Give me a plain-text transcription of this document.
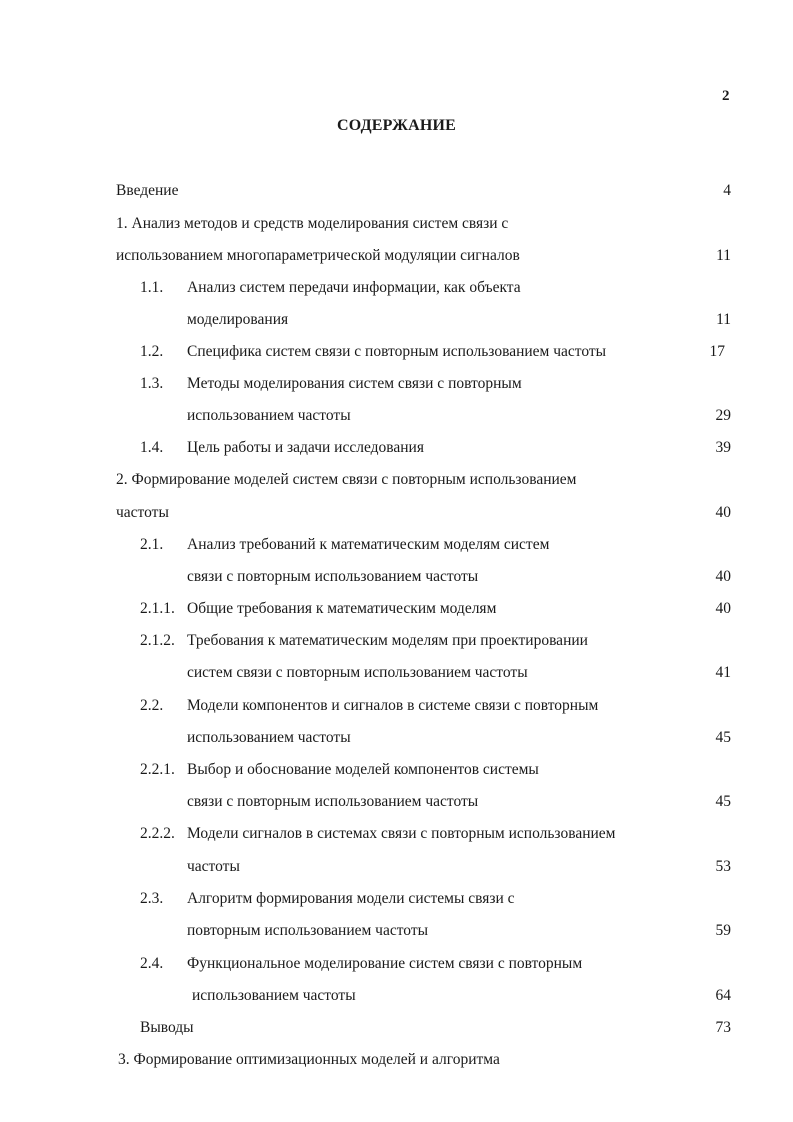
2
СОДЕРЖАНИЕ
Введение	4
1. Анализ методов и средств моделирования систем связи с
использованием многопараметрической модуляции сигналов	11
1.1. Анализ систем передачи информации, как объекта
моделирования	11
1.2. Специфика систем связи с повторным использованием частоты	17
1.3. Методы моделирования систем связи с повторным
использованием частоты	29
1.4. Цель работы и задачи исследования	39
2. Формирование моделей систем связи с повторным использованием
частоты	40
2.1. Анализ требований к математическим моделям систем
связи с повторным использованием частоты	40
2.1.1. Общие требования к математическим моделям	40
2.1.2. Требования к математическим моделям при проектировании
систем связи с повторным использованием частоты	41
2.2. Модели компонентов и сигналов в системе связи с повторным
использованием частоты	45
2.2.1. Выбор и обоснование моделей компонентов системы
связи с повторным использованием частоты	45
2.2.2. Модели сигналов в системах связи с повторным использованием
частоты	53
2.3. Алгоритм формирования модели системы связи с
повторным использованием частоты	59
2.4. Функциональное моделирование систем связи с повторным
использованием частоты	64
Выводы	73
3. Формирование оптимизационных моделей и алгоритма
